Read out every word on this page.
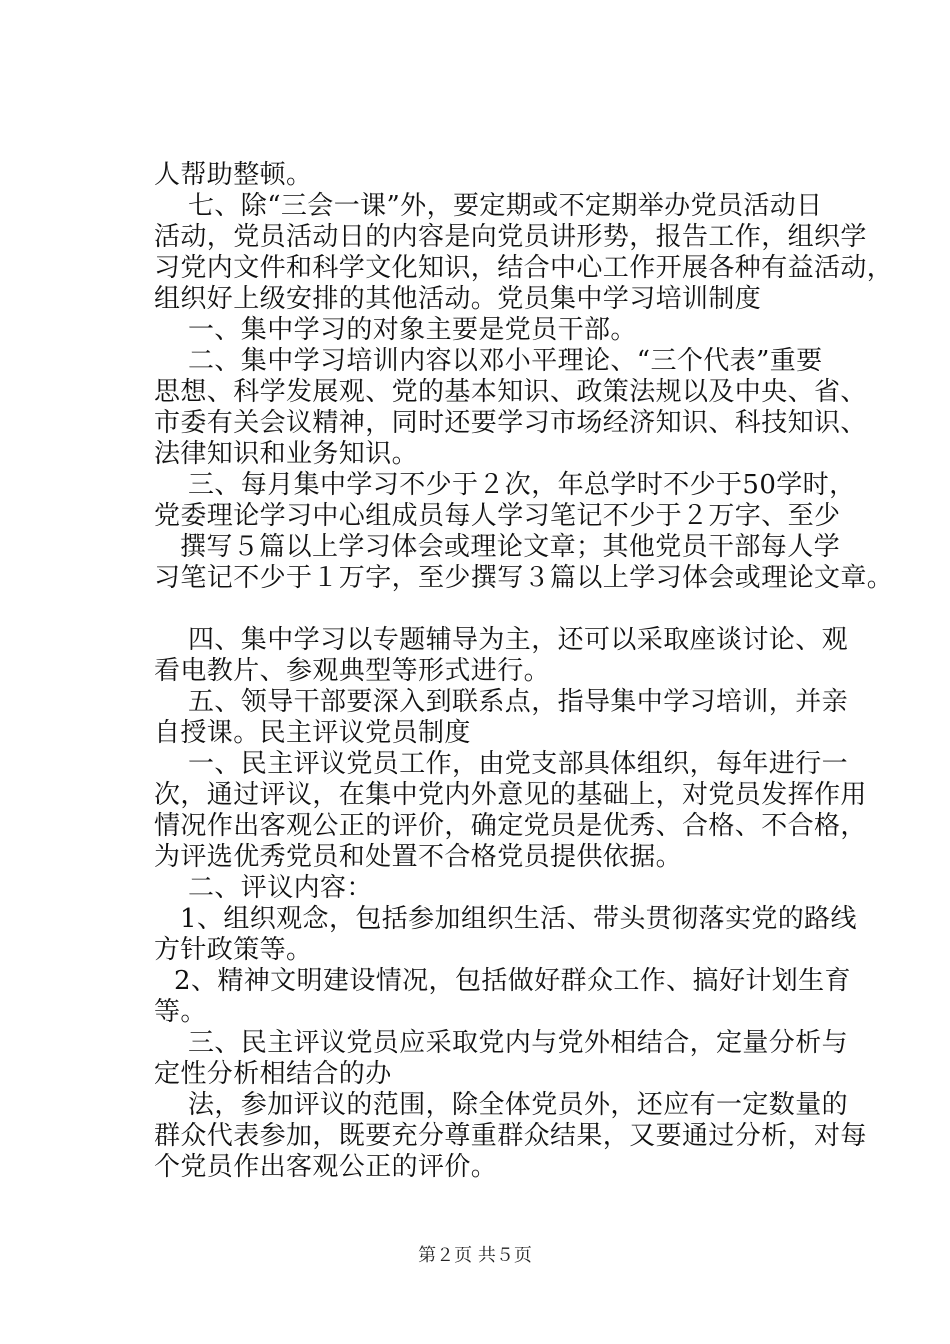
人帮助整顿。

七、除“三会一课”外，要定期或不定期举办党员活动日

活动，党员活动日的内容是向党员讲形势，报告工作，组织学

习党内文件和科学文化知识，结合中心工作开展各种有益活动，

组织好上级安排的其他活动。党员集中学习培训制度

一、集中学习的对象主要是党员干部。

二、集中学习培训内容以邓小平理论、“三个代表”重要

思想、科学发展观、党的基本知识、政策法规以及中央、省、

市委有关会议精神，同时还要学习市场经济知识、科技知识、

法律知识和业务知识。

三、每月集中学习不少于２次，年总学时不少于50学时，

党委理论学习中心组成员每人学习笔记不少于２万字、至少

撰写５篇以上学习体会或理论文章；其他党员干部每人学

习笔记不少于１万字，至少撰写３篇以上学习体会或理论文章。

四、集中学习以专题辅导为主，还可以采取座谈讨论、观

看电教片、参观典型等形式进行。

五、领导干部要深入到联系点，指导集中学习培训，并亲

自授课。民主评议党员制度

一、民主评议党员工作，由党支部具体组织，每年进行一

次，通过评议，在集中党内外意见的基础上，对党员发挥作用

情况作出客观公正的评价，确定党员是优秀、合格、不合格，

为评选优秀党员和处置不合格党员提供依据。

二、评议内容：

1、组织观念，包括参加组织生活、带头贯彻落实党的路线

方针政策等。

2、精神文明建设情况，包括做好群众工作、搞好计划生育

等。

三、民主评议党员应采取党内与党外相结合，定量分析与

定性分析相结合的办

法，参加评议的范围，除全体党员外，还应有一定数量的

群众代表参加，既要充分尊重群众结果，又要通过分析，对每

个党员作出客观公正的评价。

第２页 共５页
